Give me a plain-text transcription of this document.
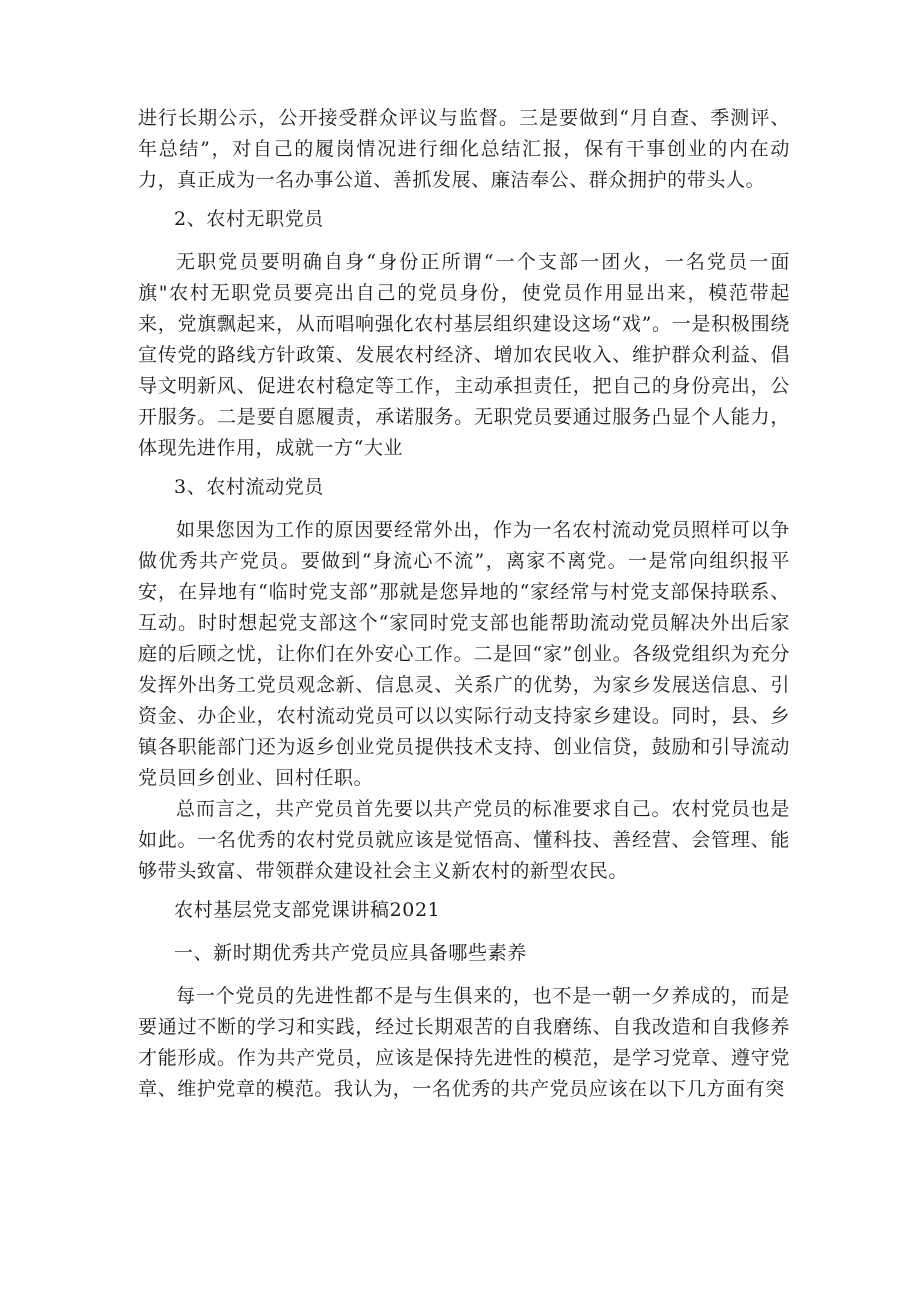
进行长期公示，公开接受群众评议与监督。三是要做到“月自查、季测评、年总结”，对自己的履岗情况进行细化总结汇报，保有干事创业的内在动力，真正成为一名办事公道、善抓发展、廉洁奉公、群众拥护的带头人。

2、农村无职党员

无职党员要明确自身“身份正所谓“一个支部一团火，一名党员一面旗"农村无职党员要亮出自己的党员身份，使党员作用显出来，模范带起来，党旗飘起来，从而唱响强化农村基层组织建设这场“戏”。一是积极围绕宣传党的路线方针政策、发展农村经济、增加农民收入、维护群众利益、倡导文明新风、促进农村稳定等工作，主动承担责任，把自己的身份亮出，公开服务。二是要自愿履责，承诺服务。无职党员要通过服务凸显个人能力，体现先进作用，成就一方“大业

3、农村流动党员

如果您因为工作的原因要经常外出，作为一名农村流动党员照样可以争做优秀共产党员。要做到“身流心不流”，离家不离党。一是常向组织报平安，在异地有“临时党支部”那就是您异地的“家经常与村党支部保持联系、互动。时时想起党支部这个“家同时党支部也能帮助流动党员解决外出后家庭的后顾之忧，让你们在外安心工作。二是回“家”创业。各级党组织为充分发挥外出务工党员观念新、信息灵、关系广的优势，为家乡发展送信息、引资金、办企业，农村流动党员可以以实际行动支持家乡建设。同时，县、乡镇各职能部门还为返乡创业党员提供技术支持、创业信贷，鼓励和引导流动党员回乡创业、回村任职。

总而言之，共产党员首先要以共产党员的标准要求自己。农村党员也是如此。一名优秀的农村党员就应该是觉悟高、懂科技、善经营、会管理、能够带头致富、带领群众建设社会主义新农村的新型农民。

农村基层党支部党课讲稿2021
一、新时期优秀共产党员应具备哪些素养

每一个党员的先进性都不是与生俱来的，也不是一朝一夕养成的，而是要通过不断的学习和实践，经过长期艰苦的自我磨练、自我改造和自我修养才能形成。作为共产党员，应该是保持先进性的模范，是学习党章、遵守党章、维护党章的模范。我认为，一名优秀的共产党员应该在以下几方面有突
